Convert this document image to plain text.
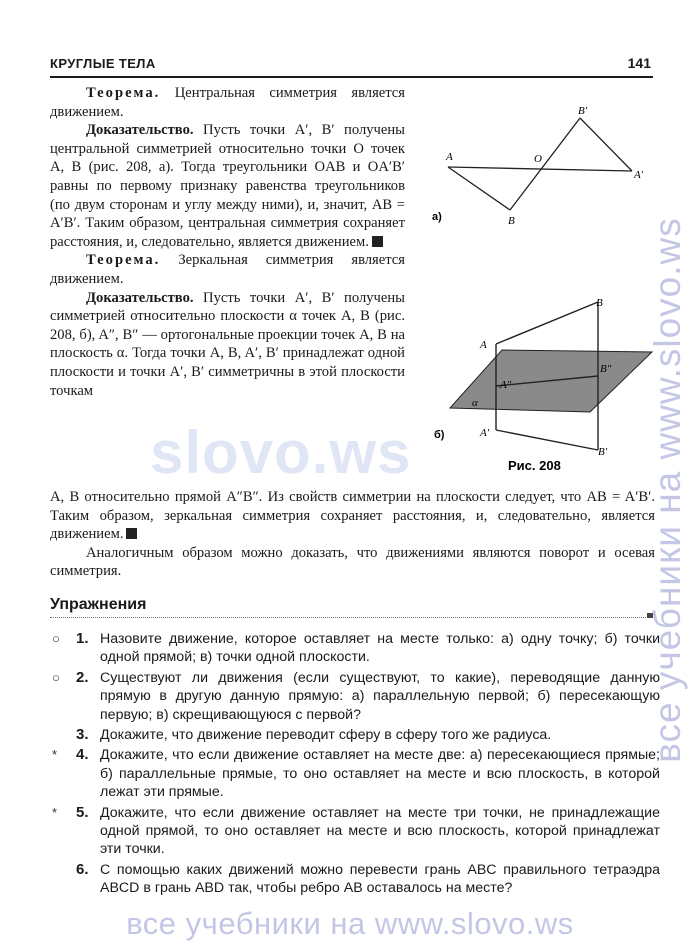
slovo.ws
КРУГЛЫЕ ТЕЛА	141

Теорема. Центральная симметрия является движением.

Доказательство. Пусть точки A′, B′ получены центральной симметрией относительно точки O точек A, B (рис. 208, а). Тогда треугольники OAB и OA′B′ равны по первому признаку равенства треугольников (по двум сторонам и углу между ними), и, значит, AB = A′B′. Таким образом, центральная симметрия сохраняет расстояния, и, следовательно, является движением.

Теорема. Зеркальная симметрия является движением.

Доказательство. Пусть точки A′, B′ получены симметрией относительно плоскости α точек A, B (рис. 208, б), A″, B″ — ортогональные проекции точек A, B на плоскость α. Тогда точки A, B, A′, B′ принадлежат одной плоскости и точки A′, B′ симметричны в этой плоскости точкам

A, B относительно прямой A″B″. Из свойств симметрии на плоскости следует, что AB = A′B′. Таким образом, зеркальная симметрия сохраняет расстояния, и, следовательно, является движением.

Аналогичным образом можно доказать, что движениями являются поворот и осевая симметрия.

A	O
B
A′
B′
а)
A
B
A″
B″
A′
B′
α
б)
Рис. 208
Упражнения
○	1. Назовите движение, которое оставляет на месте только: а) одну точку; б) точки одной прямой; в) точки одной плоскости.
○	2. Существуют ли движения (если существуют, то какие), переводящие данную прямую в другую данную прямую: а) параллельную первой; б) пересекающую первую; в) скрещивающуюся с первой?
3. Докажите, что движение переводит сферу в сферу того же радиуса.
*	4. Докажите, что если движение оставляет на месте две: а) пересекающиеся прямые; б) параллельные прямые, то оно оставляет на месте и всю плоскость, в которой лежат эти прямые.
*	5. Докажите, что если движение оставляет на месте три точки, не принадлежащие одной прямой, то оно оставляет на месте и всю плоскость, которой принадлежат эти точки.
6. С помощью каких движений можно перевести грань ABC правильного тетраэдра ABCD в грань ABD так, чтобы ребро AB оставалось на месте?
все учебники на www.slovo.ws
все учебники на www.slovo.ws
